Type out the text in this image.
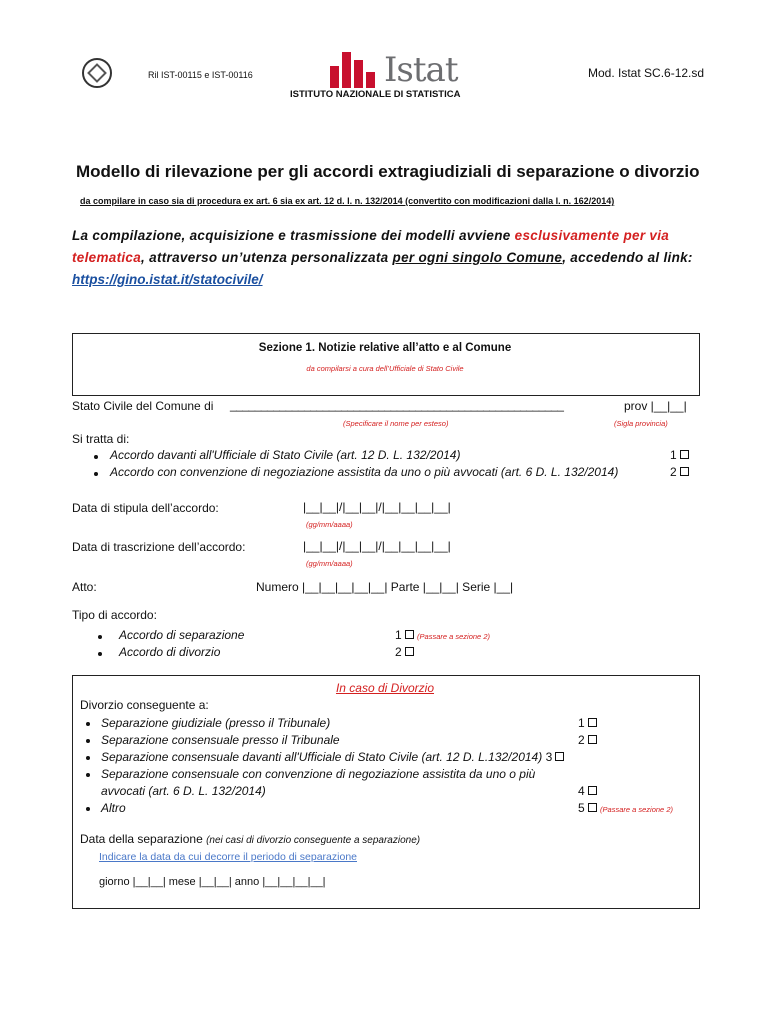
Ril IST-00115 e IST-00116	Istat
ISTITUTO NAZIONALE DI STATISTICA
Mod. Istat SC.6-12.sd
Modello di rilevazione per gli accordi extragiudiziali di separazione o divorzio
da compilare in caso sia di procedura ex art. 6 sia ex art. 12 d. l. n. 132/2014 (convertito con modificazioni dalla l. n. 162/2014)
La compilazione, acquisizione e trasmissione dei modelli avviene esclusivamente per via
telematica, attraverso un’utenza personalizzata per ogni singolo Comune, accedendo al link:
https://gino.istat.it/statocivile/
Sezione 1. Notizie relative all’atto e al Comune
da compilarsi a cura dell’Ufficiale di Stato Civile
Stato Civile del Comune di ______________________________________________________	prov |__|__|
(Specificare il nome per esteso)	(Sigla provincia)
Si tratta di:
Accordo davanti all'Ufficiale di Stato Civile (art. 12 D. L. 132/2014)	1
Accordo con convenzione di negoziazione assistita da uno o più avvocati (art. 6 D. L. 132/2014)	2
Data di stipula dell’accordo:	|__|__|/|__|__|/|__|__|__|__|
(gg/mm/aaaa)
Data di trascrizione dell’accordo:	|__|__|/|__|__|/|__|__|__|__|
(gg/mm/aaaa)
Atto:	Numero |__|__|__|__|__| Parte |__|__| Serie |__|
Tipo di accordo:
Accordo di separazione	1 (Passare a sezione 2)
Accordo di divorzio	2
In caso di Divorzio
Divorzio conseguente a:
Separazione giudiziale (presso il Tribunale)	1
Separazione consensuale presso il Tribunale	2
Separazione consensuale davanti all'Ufficiale di Stato Civile (art. 12 D. L.132/2014) 3
Separazione consensuale con convenzione di negoziazione assistita da uno o più
avvocati (art. 6 D. L. 132/2014)	4
Altro	5 (Passare a sezione 2)
Data della separazione (nei casi di divorzio conseguente a separazione)
Indicare la data da cui decorre il periodo di separazione
giorno |__|__| mese |__|__| anno |__|__|__|__|
